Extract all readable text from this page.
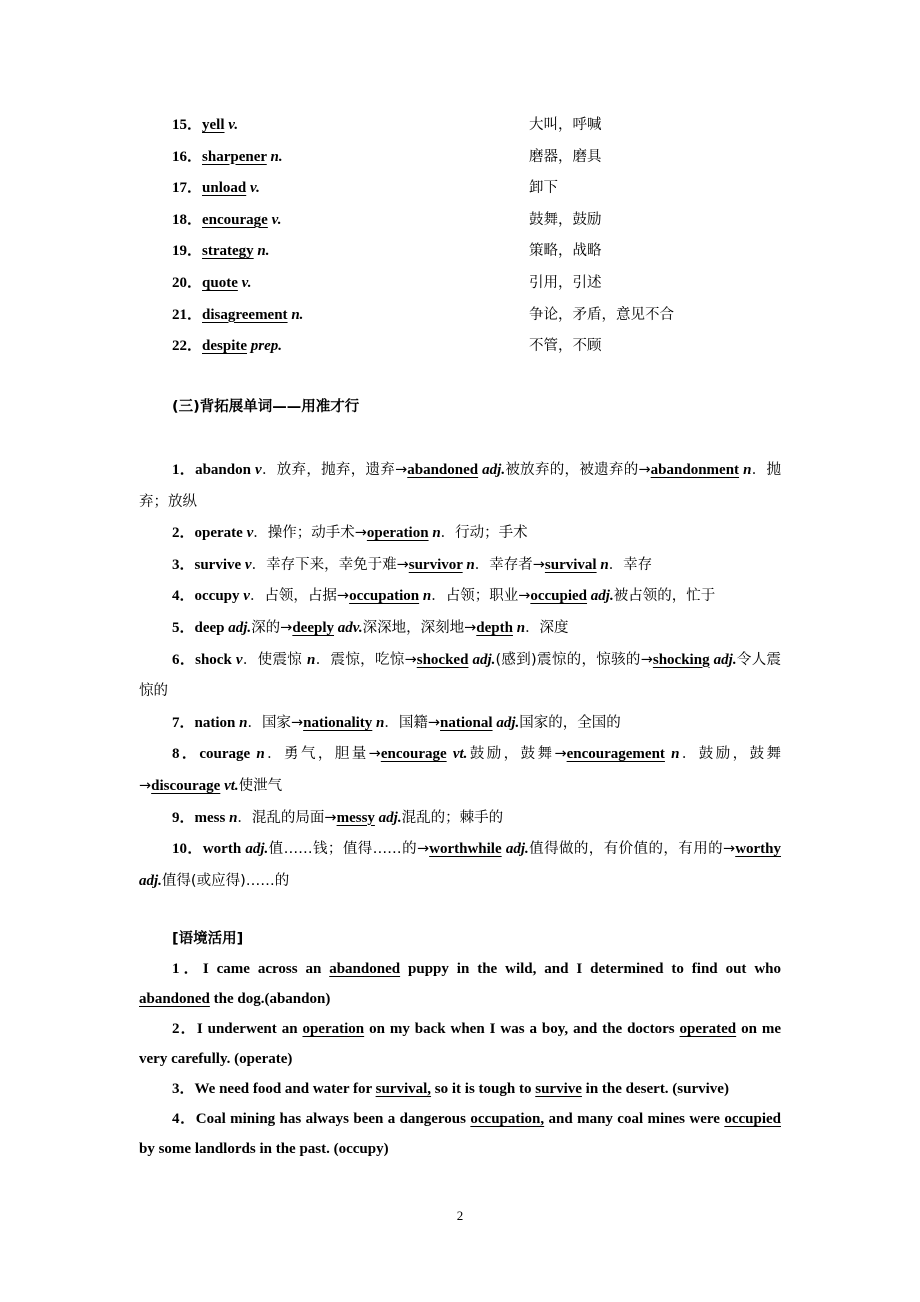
15．yell v.	大叫，呼喊
16．sharpener n.	磨器，磨具
17．unload v.	卸下
18．encourage v.	鼓舞，鼓励
19．strategy n.	策略，战略
20．quote v.	引用，引述
21．disagreement n.	争论，矛盾，意见不合
22．despite prep.	不管，不顾
(三)背拓展单词——用准才行

1．abandon v．放弃，抛弃，遗弃→abandoned adj.被放弃的，被遗弃的→abandonment n．抛弃；放纵

2．operate v．操作；动手术→operation n．行动；手术

3．survive v．幸存下来，幸免于难→survivor n．幸存者→survival n．幸存

4．occupy v．占领，占据→occupation n．占领；职业→occupied adj.被占领的，忙于

5．deep adj.深的→deeply adv.深深地，深刻地→depth n．深度

6．shock v．使震惊 n．震惊，吃惊→shocked adj.(感到)震惊的，惊骇的→shocking adj.令人震惊的

7．nation n．国家→nationality n．国籍→national adj.国家的，全国的

8．courage n．勇气，胆量→encourage vt.鼓励，鼓舞→encouragement n．鼓励，鼓舞→discourage vt.使泄气

9．mess n．混乱的局面→messy adj.混乱的；棘手的

10．worth adj.值……钱；值得……的→worthwhile adj.值得做的，有价值的，有用的→worthy adj.值得(或应得)……的

[语境活用]

1．I came across an abandoned puppy in the wild, and I determined to find out who abandoned the dog.(abandon)

2．I underwent an operation on my back when I was a boy, and the doctors operated on me very carefully. (operate)

3．We need food and water for survival, so it is tough to survive in the desert. (survive)

4．Coal mining has always been a dangerous occupation, and many coal mines were occupied by some landlords in the past. (occupy)

2
